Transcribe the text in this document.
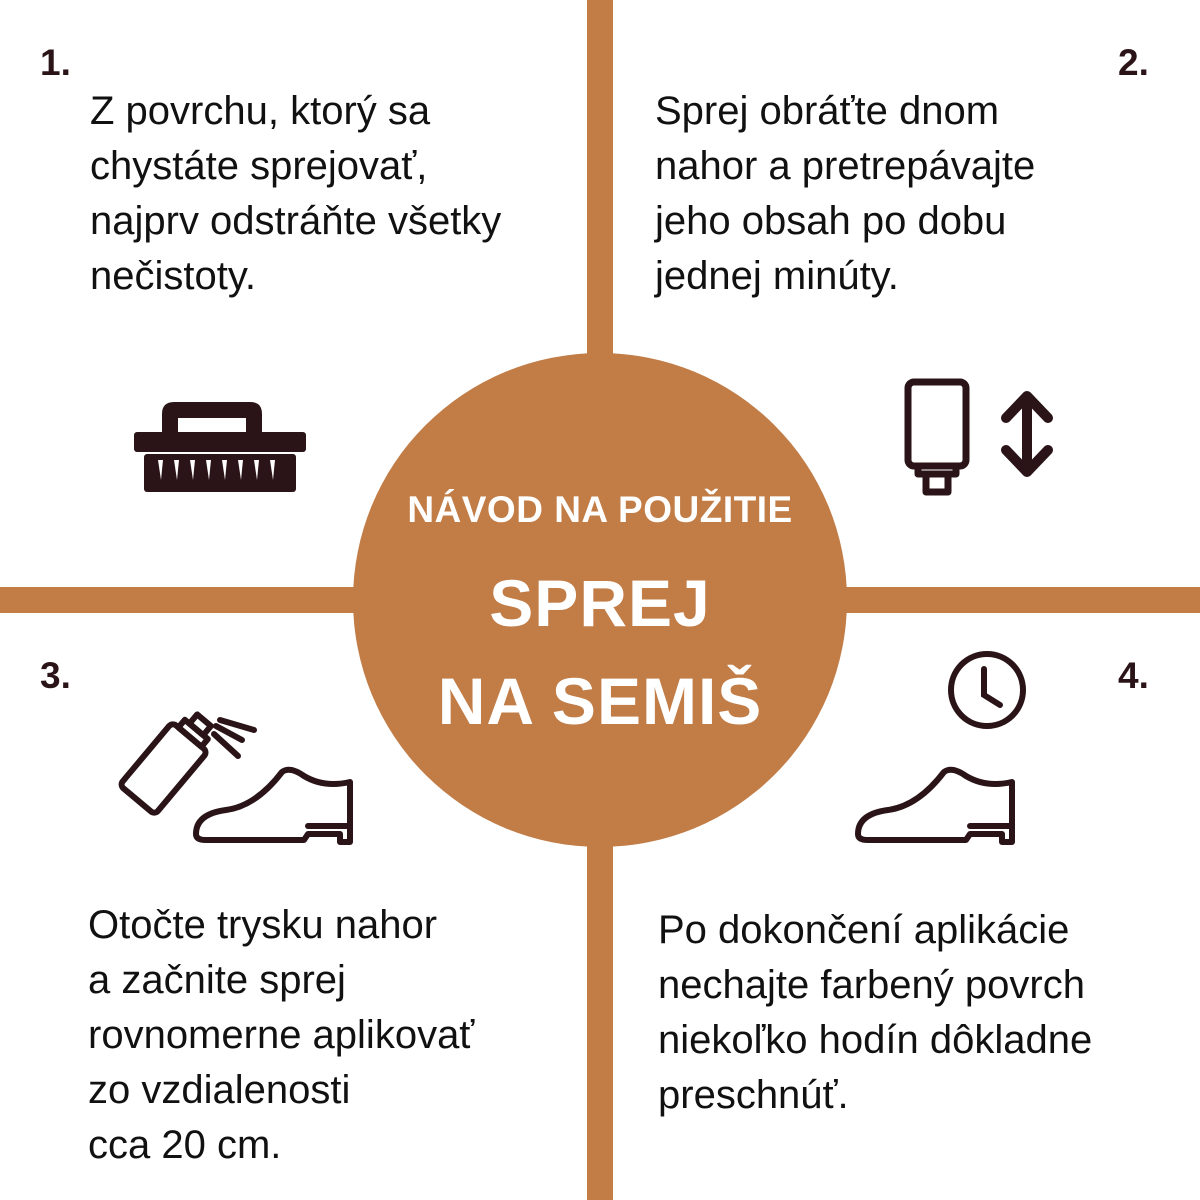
NÁVOD NA POUŽITIE
SPREJ
NA SEMIŠ
1.
Z povrchu, ktorý sa
chystáte sprejovať,
najprv odstráňte všetky
nečistoty.
2.
Sprej obráťte dnom
nahor a pretrepávajte
jeho obsah po dobu
jednej minúty.
3.
Otočte trysku nahor
a začnite sprej
rovnomerne aplikovať
zo vzdialenosti
cca 20 cm.
4.
Po dokončení aplikácie
nechajte farbený povrch
niekoľko hodín dôkladne
preschnúť.
